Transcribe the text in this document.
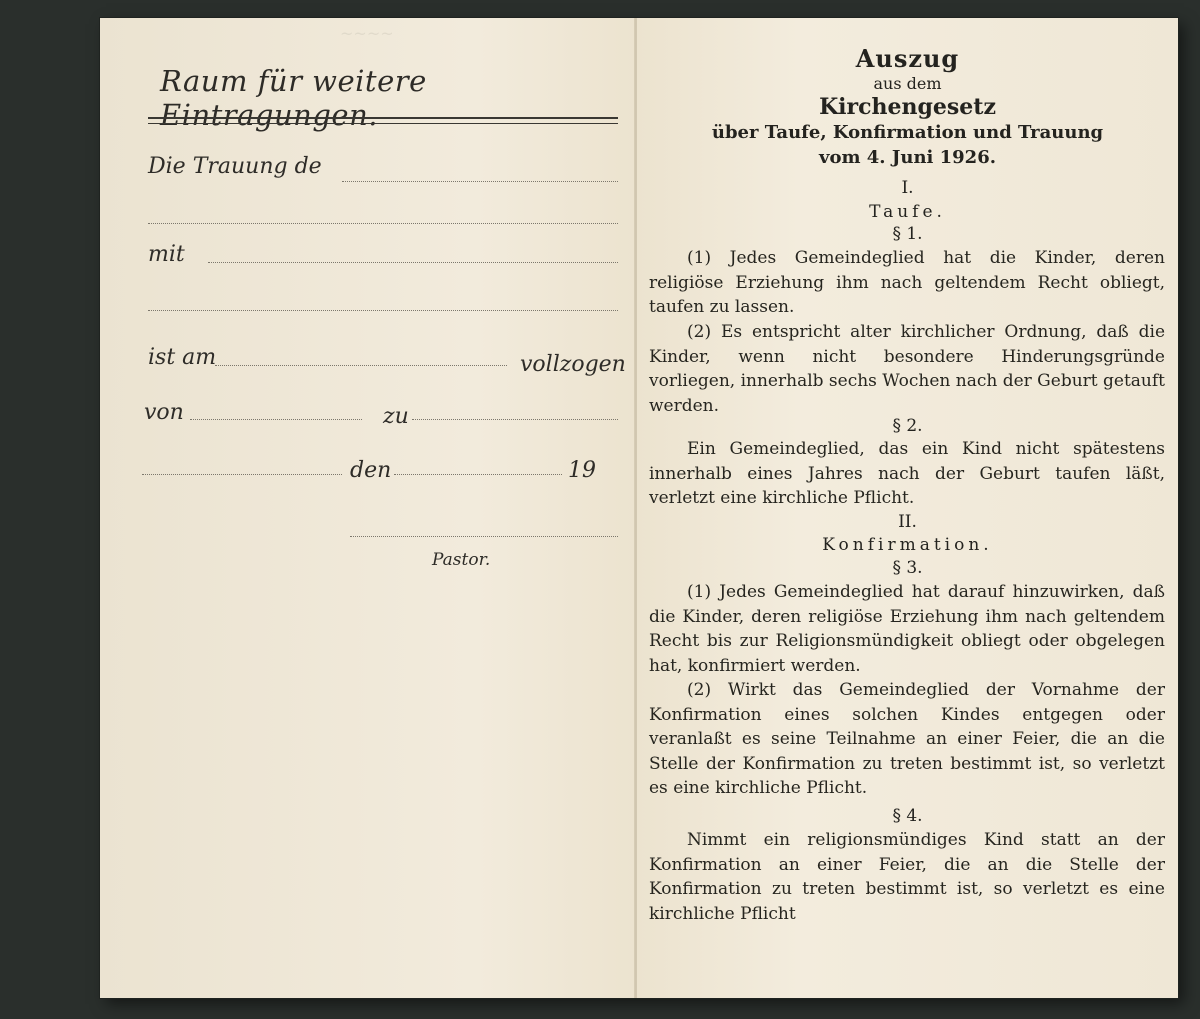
Raum für weitere Eintragungen.
~~~~
Die Trauung de
mit
ist am	vollzogen
von	zu
den	19
Pastor.
Auszug
aus dem
Kirchengesetz
über Taufe, Konfirmation und Trauung
vom 4. Juni 1926.
I.
Taufe.
§ 1.
(1) Jedes Gemeindeglied hat die Kinder, deren religiöse Erziehung ihm nach geltendem Recht obliegt, taufen zu lassen.
(2) Es entspricht alter kirchlicher Ordnung, daß die Kinder, wenn nicht besondere Hinderungsgründe vorliegen, innerhalb sechs Wochen nach der Geburt getauft werden.
§ 2.
Ein Gemeindeglied, das ein Kind nicht spätestens innerhalb eines Jahres nach der Geburt taufen läßt, verletzt eine kirchliche Pflicht.
II.
Konfirmation.
§ 3.
(1) Jedes Gemeindeglied hat darauf hinzuwirken, daß die Kinder, deren religiöse Erziehung ihm nach geltendem Recht bis zur Religionsmündigkeit obliegt oder obgelegen hat, konfirmiert werden.
(2) Wirkt das Gemeindeglied der Vornahme der Konfirmation eines solchen Kindes entgegen oder veranlaßt es seine Teilnahme an einer Feier, die an die Stelle der Konfirmation zu treten bestimmt ist, so verletzt es eine kirchliche Pflicht.
§ 4.
Nimmt ein religionsmündiges Kind statt an der Konfirmation an einer Feier, die an die Stelle der Konfirmation zu treten bestimmt ist, so verletzt es eine kirchliche Pflicht
